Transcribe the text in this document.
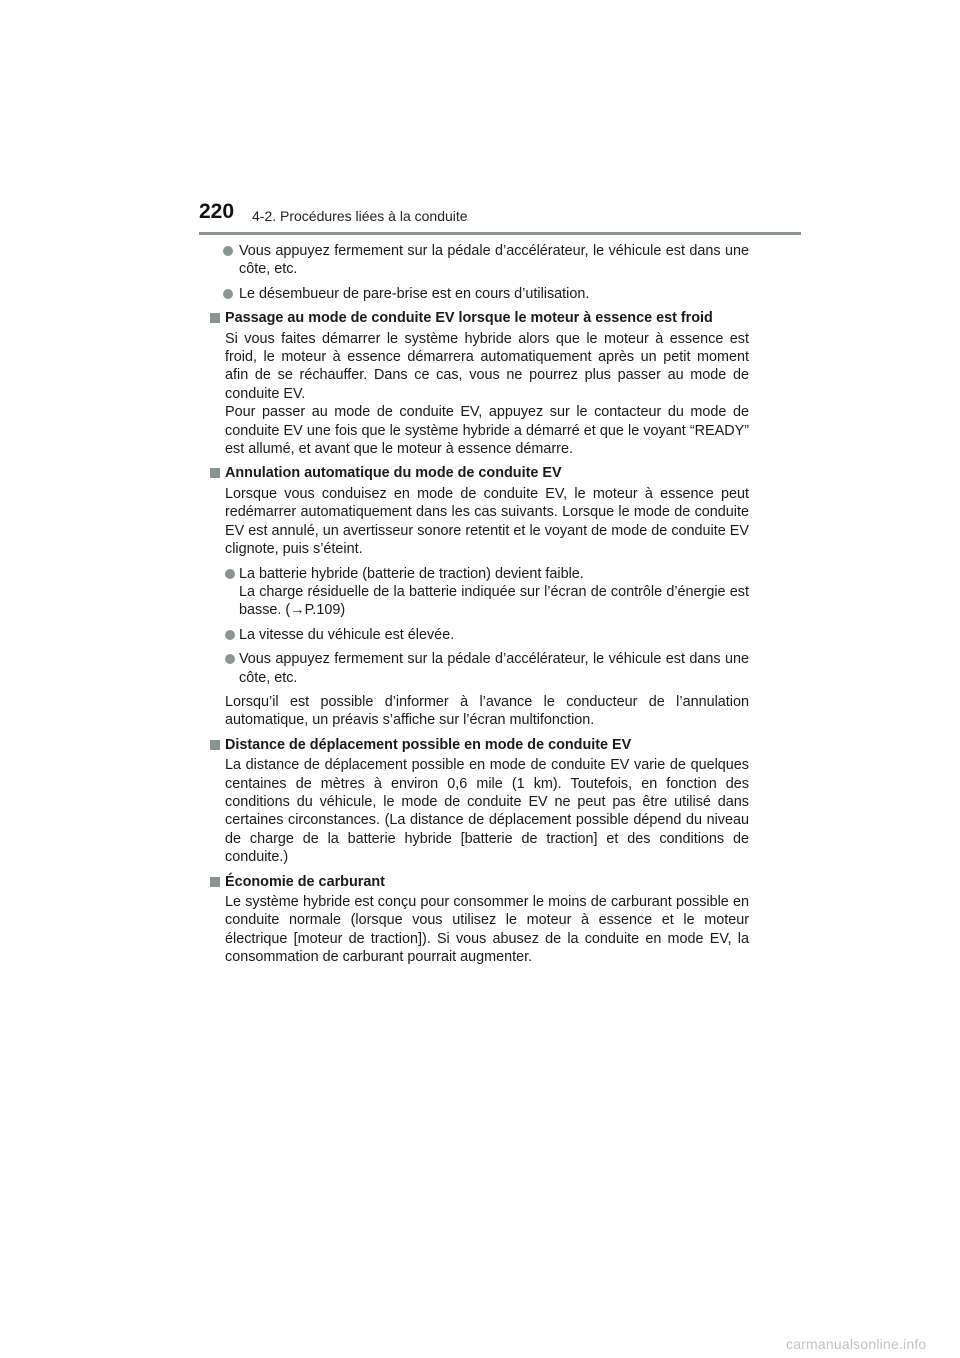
220 4-2. Procédures liées à la conduite
Vous appuyez fermement sur la pédale d’accélérateur, le véhicule est dans une côte, etc.
Le désembueur de pare-brise est en cours d’utilisation.
Passage au mode de conduite EV lorsque le moteur à essence est froid
Si vous faites démarrer le système hybride alors que le moteur à essence est froid, le moteur à essence démarrera automatiquement après un petit moment afin de se réchauffer. Dans ce cas, vous ne pourrez plus passer au mode de conduite EV.
Pour passer au mode de conduite EV, appuyez sur le contacteur du mode de conduite EV une fois que le système hybride a démarré et que le voyant “READY” est allumé, et avant que le moteur à essence démarre.
Annulation automatique du mode de conduite EV
Lorsque vous conduisez en mode de conduite EV, le moteur à essence peut redémarrer automatiquement dans les cas suivants. Lorsque le mode de conduite EV est annulé, un avertisseur sonore retentit et le voyant de mode de conduite EV clignote, puis s’éteint.
La batterie hybride (batterie de traction) devient faible.
La charge résiduelle de la batterie indiquée sur l’écran de contrôle d’énergie est basse. (→P.109)
La vitesse du véhicule est élevée.
Vous appuyez fermement sur la pédale d’accélérateur, le véhicule est dans une côte, etc.
Lorsqu’il est possible d’informer à l’avance le conducteur de l’annulation automatique, un préavis s’affiche sur l’écran multifonction.
Distance de déplacement possible en mode de conduite EV
La distance de déplacement possible en mode de conduite EV varie de quelques centaines de mètres à environ 0,6 mile (1 km). Toutefois, en fonction des conditions du véhicule, le mode de conduite EV ne peut pas être utilisé dans certaines circonstances. (La distance de déplacement possible dépend du niveau de charge de la batterie hybride [batterie de traction] et des conditions de conduite.)
Économie de carburant
Le système hybride est conçu pour consommer le moins de carburant possible en conduite normale (lorsque vous utilisez le moteur à essence et le moteur électrique [moteur de traction]). Si vous abusez de la conduite en mode EV, la consommation de carburant pourrait augmenter.
carmanualsonline.info
